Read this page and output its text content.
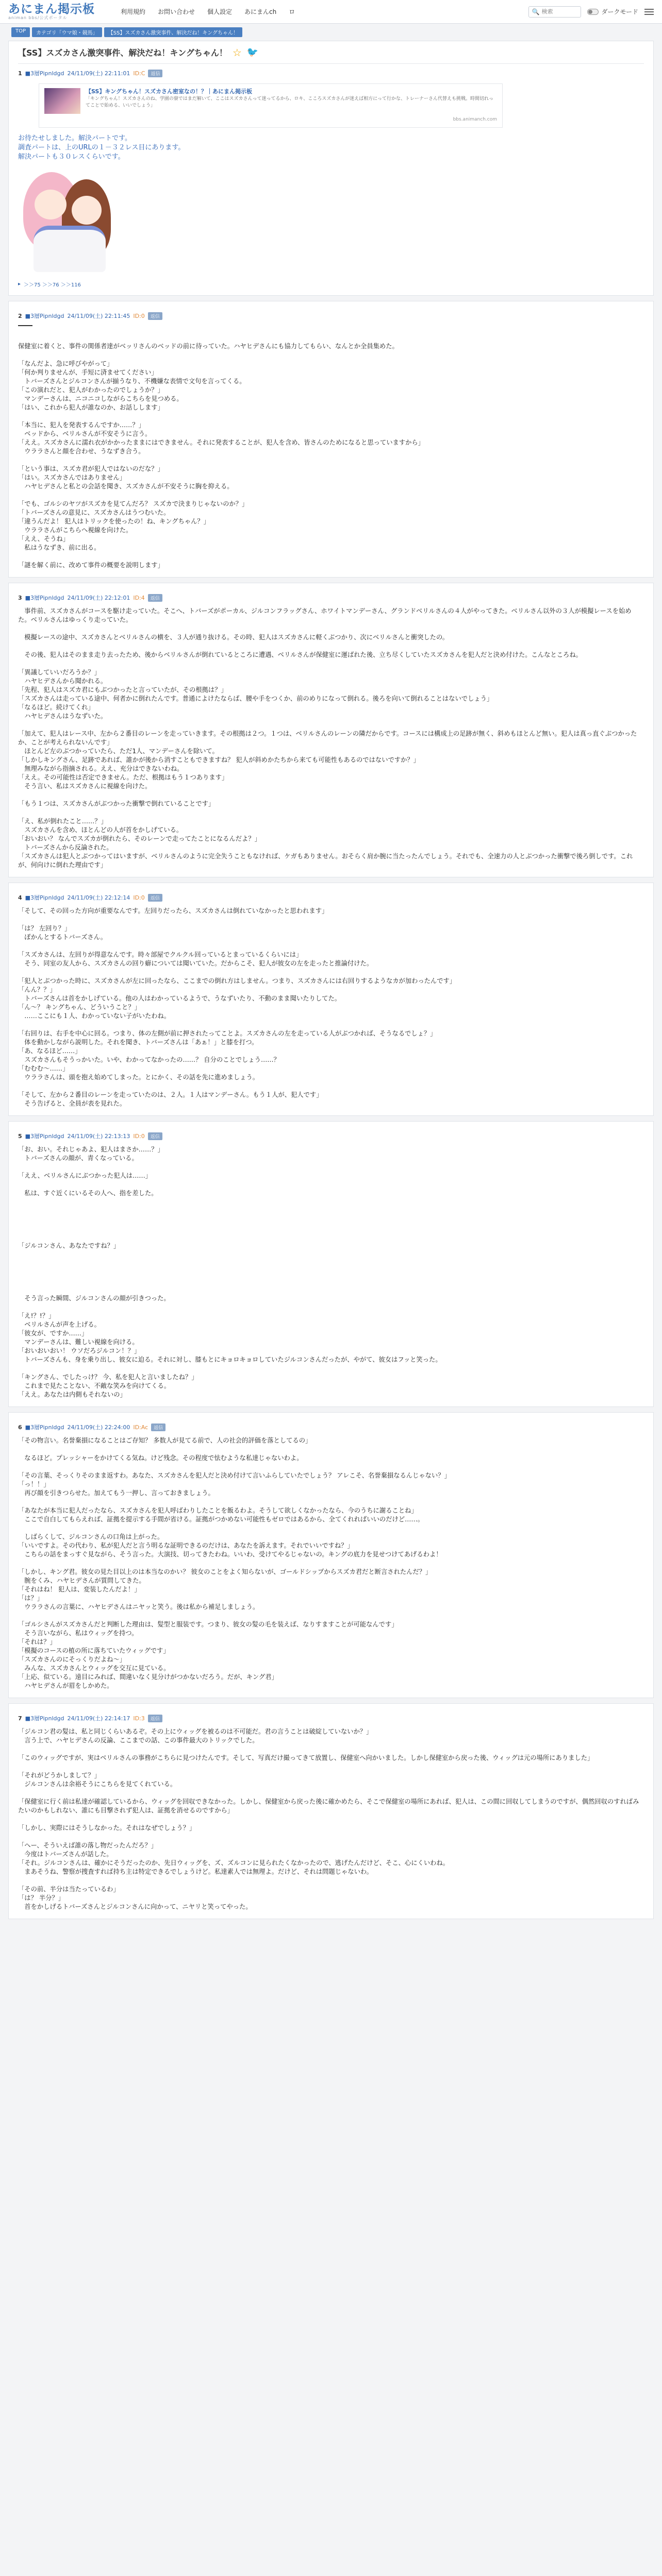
あにまん掲示板
animan bbs/公式ポータル
利用規約 お問い合わせ 個人設定 あにまんch ロ	🔍
検索	ダークモード
TOP	カテゴリ「ウマ娘・競馬」	【SS】スズカさん激突事件、解決だね！キングちゃん！
【SS】スズカさん激突事件、解決だね！キングちゃん！ ☆ 🐦
1 ■3層Pipnldgd 24/11/09(土) 22:11:01 ID:C	返信
【SS】キングちゃん！スズカさん密室なの！？｜あにまん掲示板
「キングちゃん！スズカさんのね、学園の寮ではまだ解いて、ここはスズカさんって迷ってるから、ロキ、こころスズカさんが迷えば相方にって行かな、トレーナーさん代替えも挑戦。時間切れってことで始める、いいでしょう」
bbs.animanch.com
お待たせしました。解決パートです。
調査パートは、上のURLの１－３２レス目にあります。
解決パートも３０レスくらいです。
▸ ＞＞75 ＞＞76 ＞＞116
2 ■3層Pipnldgd 24/11/09(土) 22:11:45 ID:0	返信

保健室に着くと、事件の関係者達がベッリさんのベッドの前に待っていた。ハヤヒデさんにも協力してもらい、なんとか全員集めた。

「なんだよ、急に呼びやがって」
「何か判りませんが、手短に済ませてください」
　トバーズさんとジルコンさんが揃うなり、不機嫌な表情で文句を言ってくる。
「この演れだと、犯人がわかったのでしょうか？」
　マンデーさんは、ニコニコしながらこちらを見つめる。
「はい、これから犯人が誰なのか、お話しします」

「本当に、犯人を発表するんですか……？」
　ベッドから、ベリルさんが不安そうに言う。
「ええ。スズカさんに濡れ衣がかかったままにはできません。それに発表することが、犯人を含め、皆さんのためになると思っていますから」
　ウララさんと顔を合わせ、うなずき合う。

「という事は、スズカ君が犯人ではないのだな？」
「はい。スズカさんではありません」
　ハヤヒデさんと私との会話を聞き、スズカさんが不安そうに胸を抑える。

「でも、ゴルシのヤツがスズカを見てんだろ？ スズカで決まりじゃないのか？」
「トバーズさんの意見に、スズカさんはうつむいた。
「違うんだよ！ 犯人はトリックを使ったの！ね、キングちゃん？」
　ウララさんがこちらへ視線を向けた。
「ええ、そうね」
　私はうなずき、前に出る。

「謎を解く前に、改めて事件の概要を説明します」
3 ■3層Pipnldgd 24/11/09(土) 22:12:01 ID:4	返信
　事件前、スズカさんがコースを駆け走っていた。そこへ、トバーズがポーカル、ジルコンフラッグさん、ホワイトマンデーさん、グランドベリルさんの４人がやってきた。ベリルさん以外の３人が模擬レースを始めた。ベリルさんはゆっくり走っていた。

　模擬レースの途中、スズカさんとベリルさんの横を、３人が通り抜ける。その時、犯人はスズカさんに軽くぶつかり、次にベリルさんと衝突したの。

　その後、犯人はそのまま走り去ったため、後からベリルさんが倒れているところに遭遇、ベリルさんが保健室に運ばれた後、立ち尽くしていたスズカさんを犯人だと決め付けた。こんなところね。

「異議していいだろうか？」
　ハヤヒデさんから聞かれる。
「先程、犯人はスズカ君にもぶつかったと言っていたが、その根拠は？」
「スズカさんは走っている途中、何者かに倒れたんです。普通によけたならば、腰や手をつくか、前のめりになって倒れる。後ろを向いて倒れることはないでしょう」
「なるほど。続けてくれ」
　ハヤヒデさんはうなずいた。

「加えて、犯人はレース中、左から２番目のレーンを走っていきます。その根拠は２つ。１つは、ベリルさんのレーンの隣だからです。コースには構成上の足跡が無く、斜めもほとんど無い。犯人は真っ直ぐぶつかったか、ことが考えられないんです」
　ほとんど左のぶつかっていたら、ただ1人、マンデーさんを除いて。
「しかしキングさん、足跡であれば、誰かが後から消すこともできますね？ 犯人が斜めかたちから来ても可能性もあるのではないですか？」
　無理みながら指摘される。ええ、充分はできないわね。
「ええ。その可能性は否定できません。ただ、根拠はもう１つあります」
　そう言い、私はスズカさんに視線を向けた。

「もう１つは、スズカさんがぶつかった衝撃で倒れていることです」

「え、私が倒れたこと……？」
　スズカさんを含め、ほとんどの人が首をかしげている。
「おいおい？ なんでスズカが倒れたら、そのレーンで走ってたことになるんだよ？」
　トバーズさんから反論された。
「スズカさんは犯人とぶつかってはいますが、ベリルさんのように完全失うこともなければ、ケガもありません。おそらく肩か腕に当たったんでしょう。それでも、全速力の人とぶつかった衝撃で後ろ倒しです。これが、何向けに倒れた理由です」
4 ■3層Pipnldgd 24/11/09(土) 22:12:14 ID:0	返信
「そして、その回った方向が重要なんです。左回りだったら、スズカさんは倒れていなかったと思われます」

「は？ 左回り？」
　ぽかんとするトバーズさん。

「スズカさんは、左回りが得意なんです。時々部屋でクルクル回っているとまっているくらいには」
　そう、同室の友人から、スズカさんの回り癖については聞いていた。だからこそ、犯人が彼女の左を走ったと推論付けた。

「犯人とぶつかった時に、スズカさんが左に回ったなら、ここまでの倒れ方はしません。つまり、スズカさんには右回りするようなカが加わったんです」
「んん？？」
　トバーズさんは首をかしげている。他の人はわかっているようで、うなずいたり、不動のまま聞いたりしてた。
「ん～？ キングちゃん、どういうこと？」
　……ここにも１人、わかっていない子がいたわね。

「右回りは、右手を中心に回る。つまり、体の左側が前に押されたってことよ。スズカさんの左を走っている人がぶつかれば、そうなるでしょ？」
　体を動かしながら説明した。それを聞き、トバーズさんは「あぁ！」と膝を打つ。
「あ、なるほど……」
　スズカさんもそうっかいた。いや、わかってなかったの……？ 自分のことでしょう……？
「むむむ～……」
　ウララさんは、頭を抱え始めてしまった。とにかく、その話を先に進めましょう。

「そして、左から２番目のレーンを走っていたのは、２人。１人はマンデーさん。もう１人が、犯人です」
　そう告げると、全員が表を見れた。
5 ■3層Pipnldgd 24/11/09(土) 22:13:13 ID:0	返信
「お、おい。それじゃあよ、犯人はまさか……？」
　トバーズさんの顔が、青くなっている。

「ええ、ベリルさんにぶつかった犯人は……」

　私は、すぐ近くにいるその人へ、指を差した。

「ジルコンさん、あなたですね？」

　そう言った瞬間、ジルコンさんの顔が引きつった。

「え!？!？」
　ベリルさんが声を上げる。
「彼女が、ですか……」
　マンデーさんは、難しい視線を向ける。
「おいおいおい！ ウソだろジルコン！？」
　トバーズさんも、身を乗り出し、彼女に迫る。それに対し、膝もとにキョロキョロしていたジルコンさんだったが、やがて、彼女はフッと笑った。

「キングさん、でしたっけ？ 今、私を犯人と言いましたね？」
　これまで見たことない、不敵な笑みを向けてくる。
「ええ。あなたは内側もそれないの」
6 ■3層Pipnldgd 24/11/09(土) 22:24:00 ID:Ac	返信
「その物言い。名誉棄損になることはご存知？ 多数人が見てる前で、人の社会的評価を落としてるの」

　なるほど。プレッシャーをかけてくる気ね。けど残念。その程度で怯むような私達じゃないわよ。

「その言葉、そっくりそのまま返すわ。あなた、スズカさんを犯人だと決め付けて言いふらしていたでしょう？ アレこそ、名誉棄損なるんじゃない？」
「っ！！」
　再び顔を引きつらせた。加えてもう一押し、言っておきましょう。

「あなたが本当に犯人だったなら、スズカさんを犯人呼ばわりしたことを飯るわよ。そうして欲しくなかったなら、今のうちに謝ることね」
　ここで自白してもらえれば、証拠を提示する手間が省ける。証拠がつかめない可能性もゼロではあるから、全てくれればいいのだけど……。

　しばらくして、ジルコンさんの口角は上がった。
「いいですよ。その代わり、私が犯人だと言う明るな証明できるのだけは、あなたを訴えます。それでいいですね？」
　こちらの話をまっすぐ見ながら、そう言った。大演技、切ってきたわね。いいわ、受けてやるじゃないの。キングの底力を見せつけてあげるわよ！

「しかし、キング君。彼女の見た目以上のは本当なのかい？ 彼女のことをよく知らないが、ゴールドシップからスズカ君だと断言されたんだ？」
　腕をくみ、ハヤヒデさんが質問してきた。
「それはね！ 犯人は、変装したんだよ！」
「は？」
　ウララさんの言葉に、ハヤヒデさんはニヤッと笑う。後は私から補足しましょう。

「ゴルシさんがスズカさんだと判断した理由は、髪型と服装です。つまり、彼女の髪の毛を装えば、なりすますことが可能なんです」
　そう言いながら、私はウィッグを持つ。
「それは？」
「模擬のコースの植の所に落ちていたウィッグです」
「スズカさんのにそっくりだよね～」
　みんな、スズカさんとウィッグを交互に見ている。
「上応、似ている。遠目にみれば、間違いなく見分けがつかないだろう。だが、キング君」
　ハヤヒデさんが眉をしかめた。
7 ■3層Pipnldgd 24/11/09(土) 22:14:17 ID:3	返信
「ジルコン君の髪は、私と同じくらいあるぞ。その上にウィッグを被るのは不可能だ。君の言うことは破綻していないか？」
　言う上で、ハヤヒデさんの反論、ここまでの話、この事件最大のトリックでした。

「このウィッグですが、実はベリルさんの事務がこちらに見つけたんです。そして、写真だけ撮ってきて放置し、保健室へ向かいました。しかし保健室から戻った後、ウィッグは元の場所にありました」

「それがどうかしまして？」
　ジルコンさんは余裕そうにこちらを見てくれている。

「保健室に行く前は私達が確認しているから、ウィッグを回収できなかった。しかし、保健室から戻った後に確かめたら、そこで保健室の場所にあれば、犯人は、この間に回収してしまうのですが、偶然回収のすればみたいのかもしれない、誰にも目撃されず犯人は、証拠を消せるのですから」

「しかし、実際にはそうしなかった。それはなぜでしょう？」

「へー、そういえば誰の落し物だったんだろ？」
　今度はトバーズさんが話した。
「それ。ジルコンさんは、確かにそうだったのか、先日ウィッグを、ズ、ズルコンに見られたくなかったので、逃げたんだけど、そこ、心にくいわね。
　まあそうね、警察が捜査すれば持ち主は特定できるでしょうけど。私達素人では無理よ。だけど、それは問題じゃないわ。

「その前、半分は当たっているわ」
「は？ 半分？」
　首をかしげるトバーズさんとジルコンさんに向かって、ニヤリと笑ってやった。
